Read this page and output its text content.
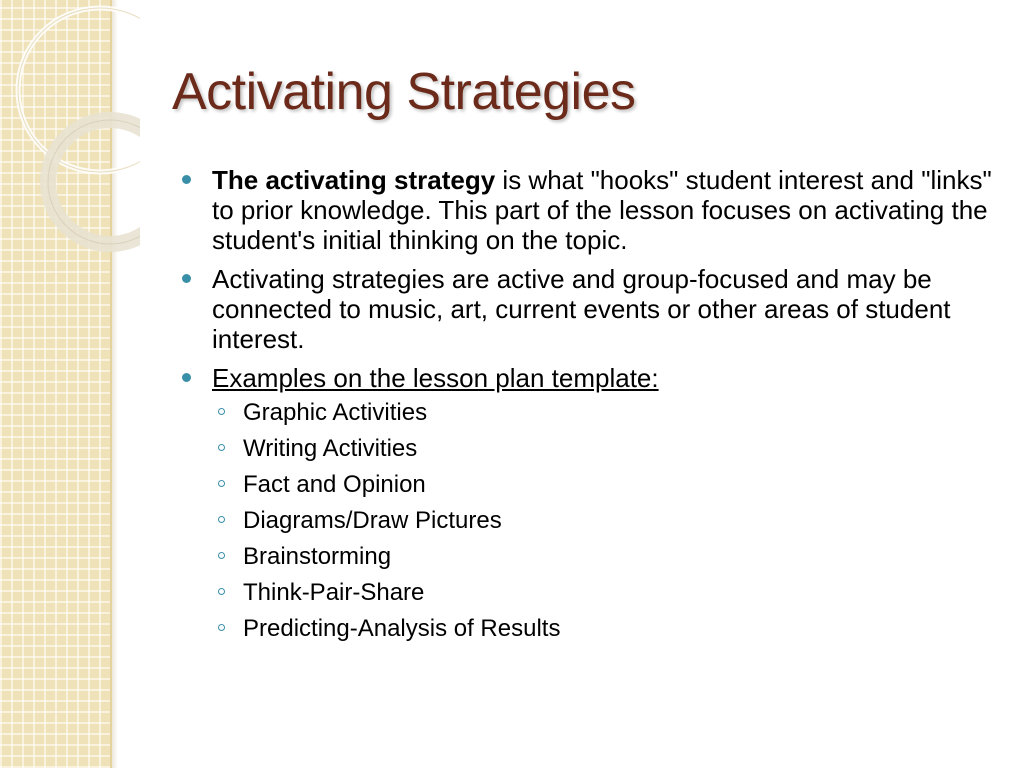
Activating Strategies
The activating strategy is what "hooks" student interest and "links" to prior knowledge. This part of the lesson focuses on activating the student's initial thinking on the topic.
Activating strategies are active and group-focused and may be connected to music, art, current events or other areas of student interest.
Examples on the lesson plan template:
Graphic Activities
Writing Activities
Fact and Opinion
Diagrams/Draw Pictures
Brainstorming
Think-Pair-Share
Predicting-Analysis of Results
